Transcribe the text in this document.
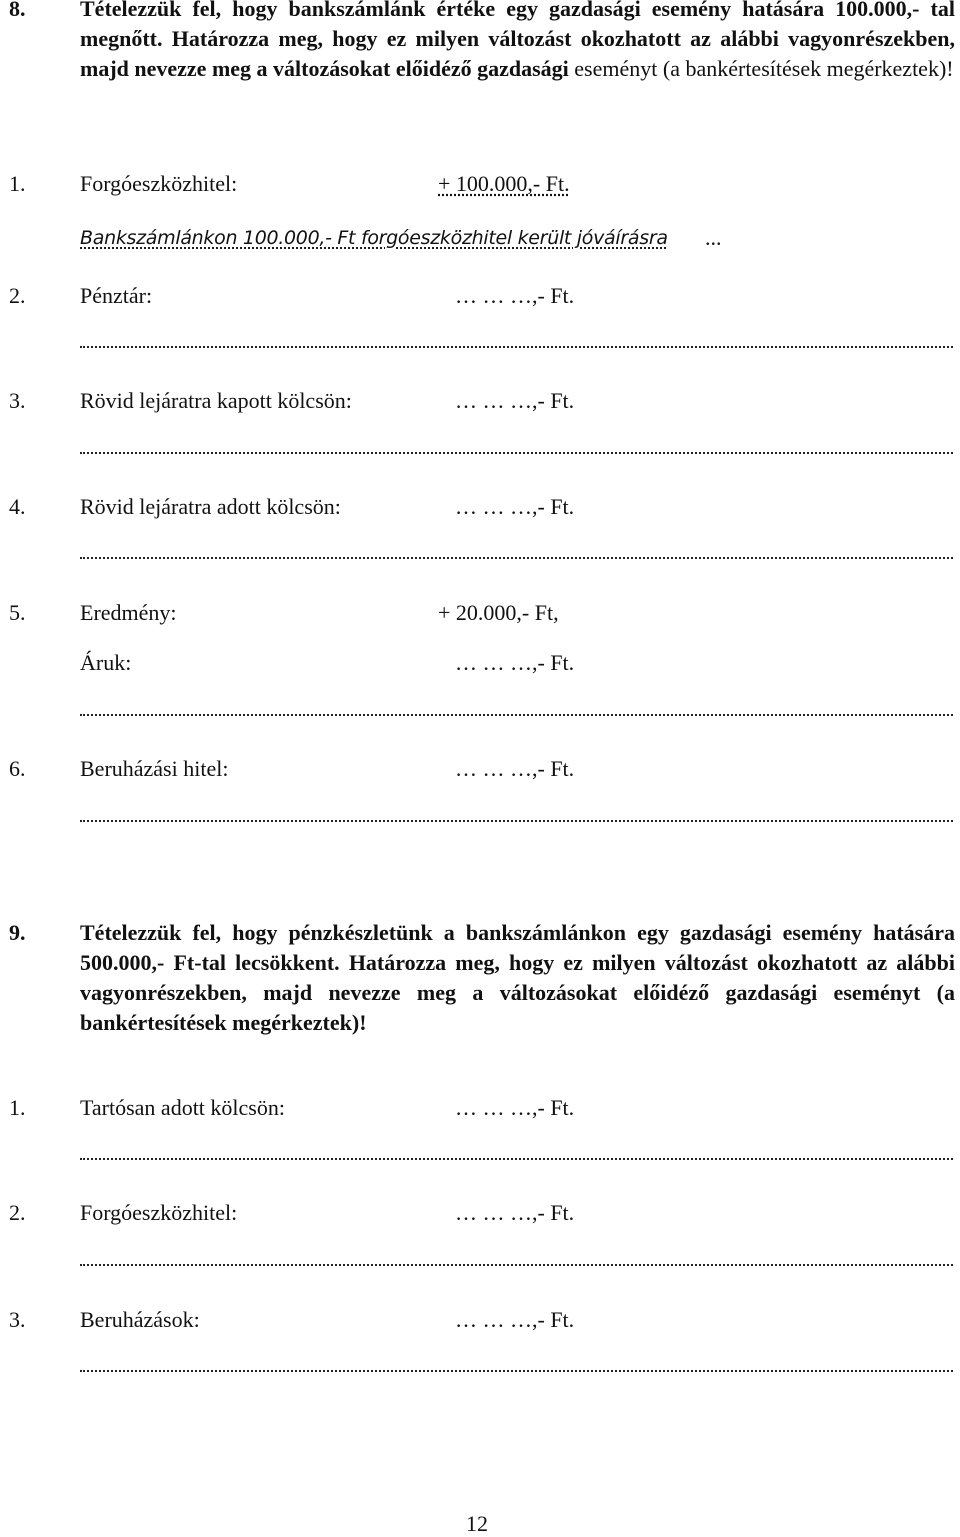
8. Tételezzük fel, hogy bankszámlánk értéke egy gazdasági esemény hatására 100.000,- tal megnőtt. Határozza meg, hogy ez milyen változást okozhatott az alábbi vagyonrészekben, majd nevezze meg a változásokat előidéző gazdasági eseményt (a bankértesítések megérkeztek)!
1. Forgóeszközhitel:	+ 100.000,- Ft.
Bankszámlánkon 100.000,- Ft forgóeszközhitel került jóváírásra ...
2. Pénztár:	… … …,- Ft.
3. Rövid lejáratra kapott kölcsön:	… … …,- Ft.
4. Rövid lejáratra adott kölcsön:	… … …,- Ft.
5. Eredmény:	+ 20.000,- Ft,
Áruk:	… … …,- Ft.
6. Beruházási hitel:	… … …,- Ft.
9. Tételezzük fel, hogy pénzkészletünk a bankszámlánkon egy gazdasági esemény hatására 500.000,- Ft-tal lecsökkent. Határozza meg, hogy ez milyen változást okozhatott az alábbi vagyonrészekben, majd nevezze meg a változásokat előidéző gazdasági eseményt (a bankértesítések megérkeztek)!
1. Tartósan adott kölcsön:	… … …,- Ft.
2. Forgóeszközhitel:	… … …,- Ft.
3. Beruházások:	… … …,- Ft.
12
